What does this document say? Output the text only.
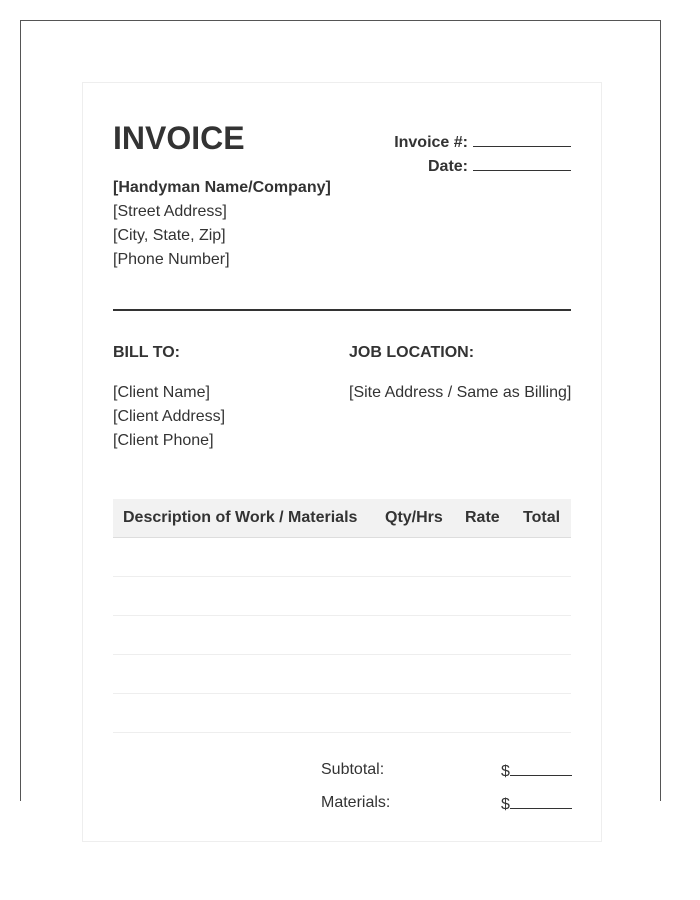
INVOICE	Invoice #:
Date:
[Handyman Name/Company]
[Street Address]
[City, State, Zip]
[Phone Number]
BILL TO:
[Client Name]
[Client Address]
[Client Phone]
JOB LOCATION:
[Site Address / Same as Billing]
Description of Work / Materials Qty/Hrs Rate Total
Subtotal:	$
Materials:	$
